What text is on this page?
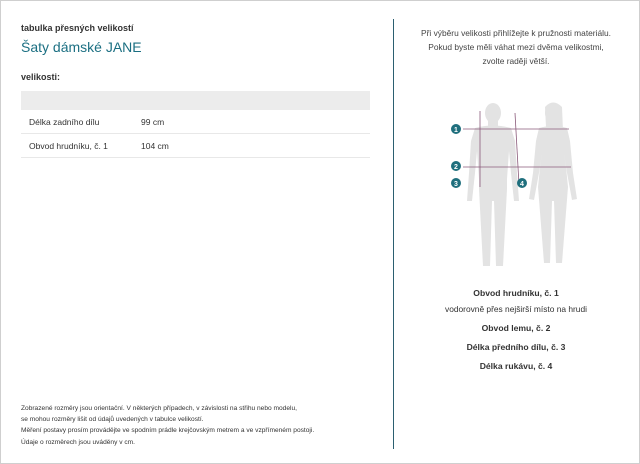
tabulka přesných velikostí
Šaty dámské JANE
velikosti:

Délka zadního dílu	99 cm
Obvod hrudníku, č. 1	104 cm
Zobrazené rozměry jsou orientační. V některých případech, v závislosti na střihu nebo modelu,
se mohou rozměry lišit od údajů uvedených v tabulce velikostí.
Měření postavy prosím provádějte ve spodním prádle krejčovským metrem a ve vzpřímeném postoji.
Údaje o rozměrech jsou uváděny v cm.
Při výběru velikosti přihlížejte k pružnosti materiálu.
Pokud byste měli váhat mezi dvěma velikostmi,
zvolte raději větší.
1
2
3	4
Obvod hrudníku, č. 1
vodorovně přes nejširší místo na hrudi
Obvod lemu, č. 2
Délka předního dílu, č. 3
Délka rukávu, č. 4
